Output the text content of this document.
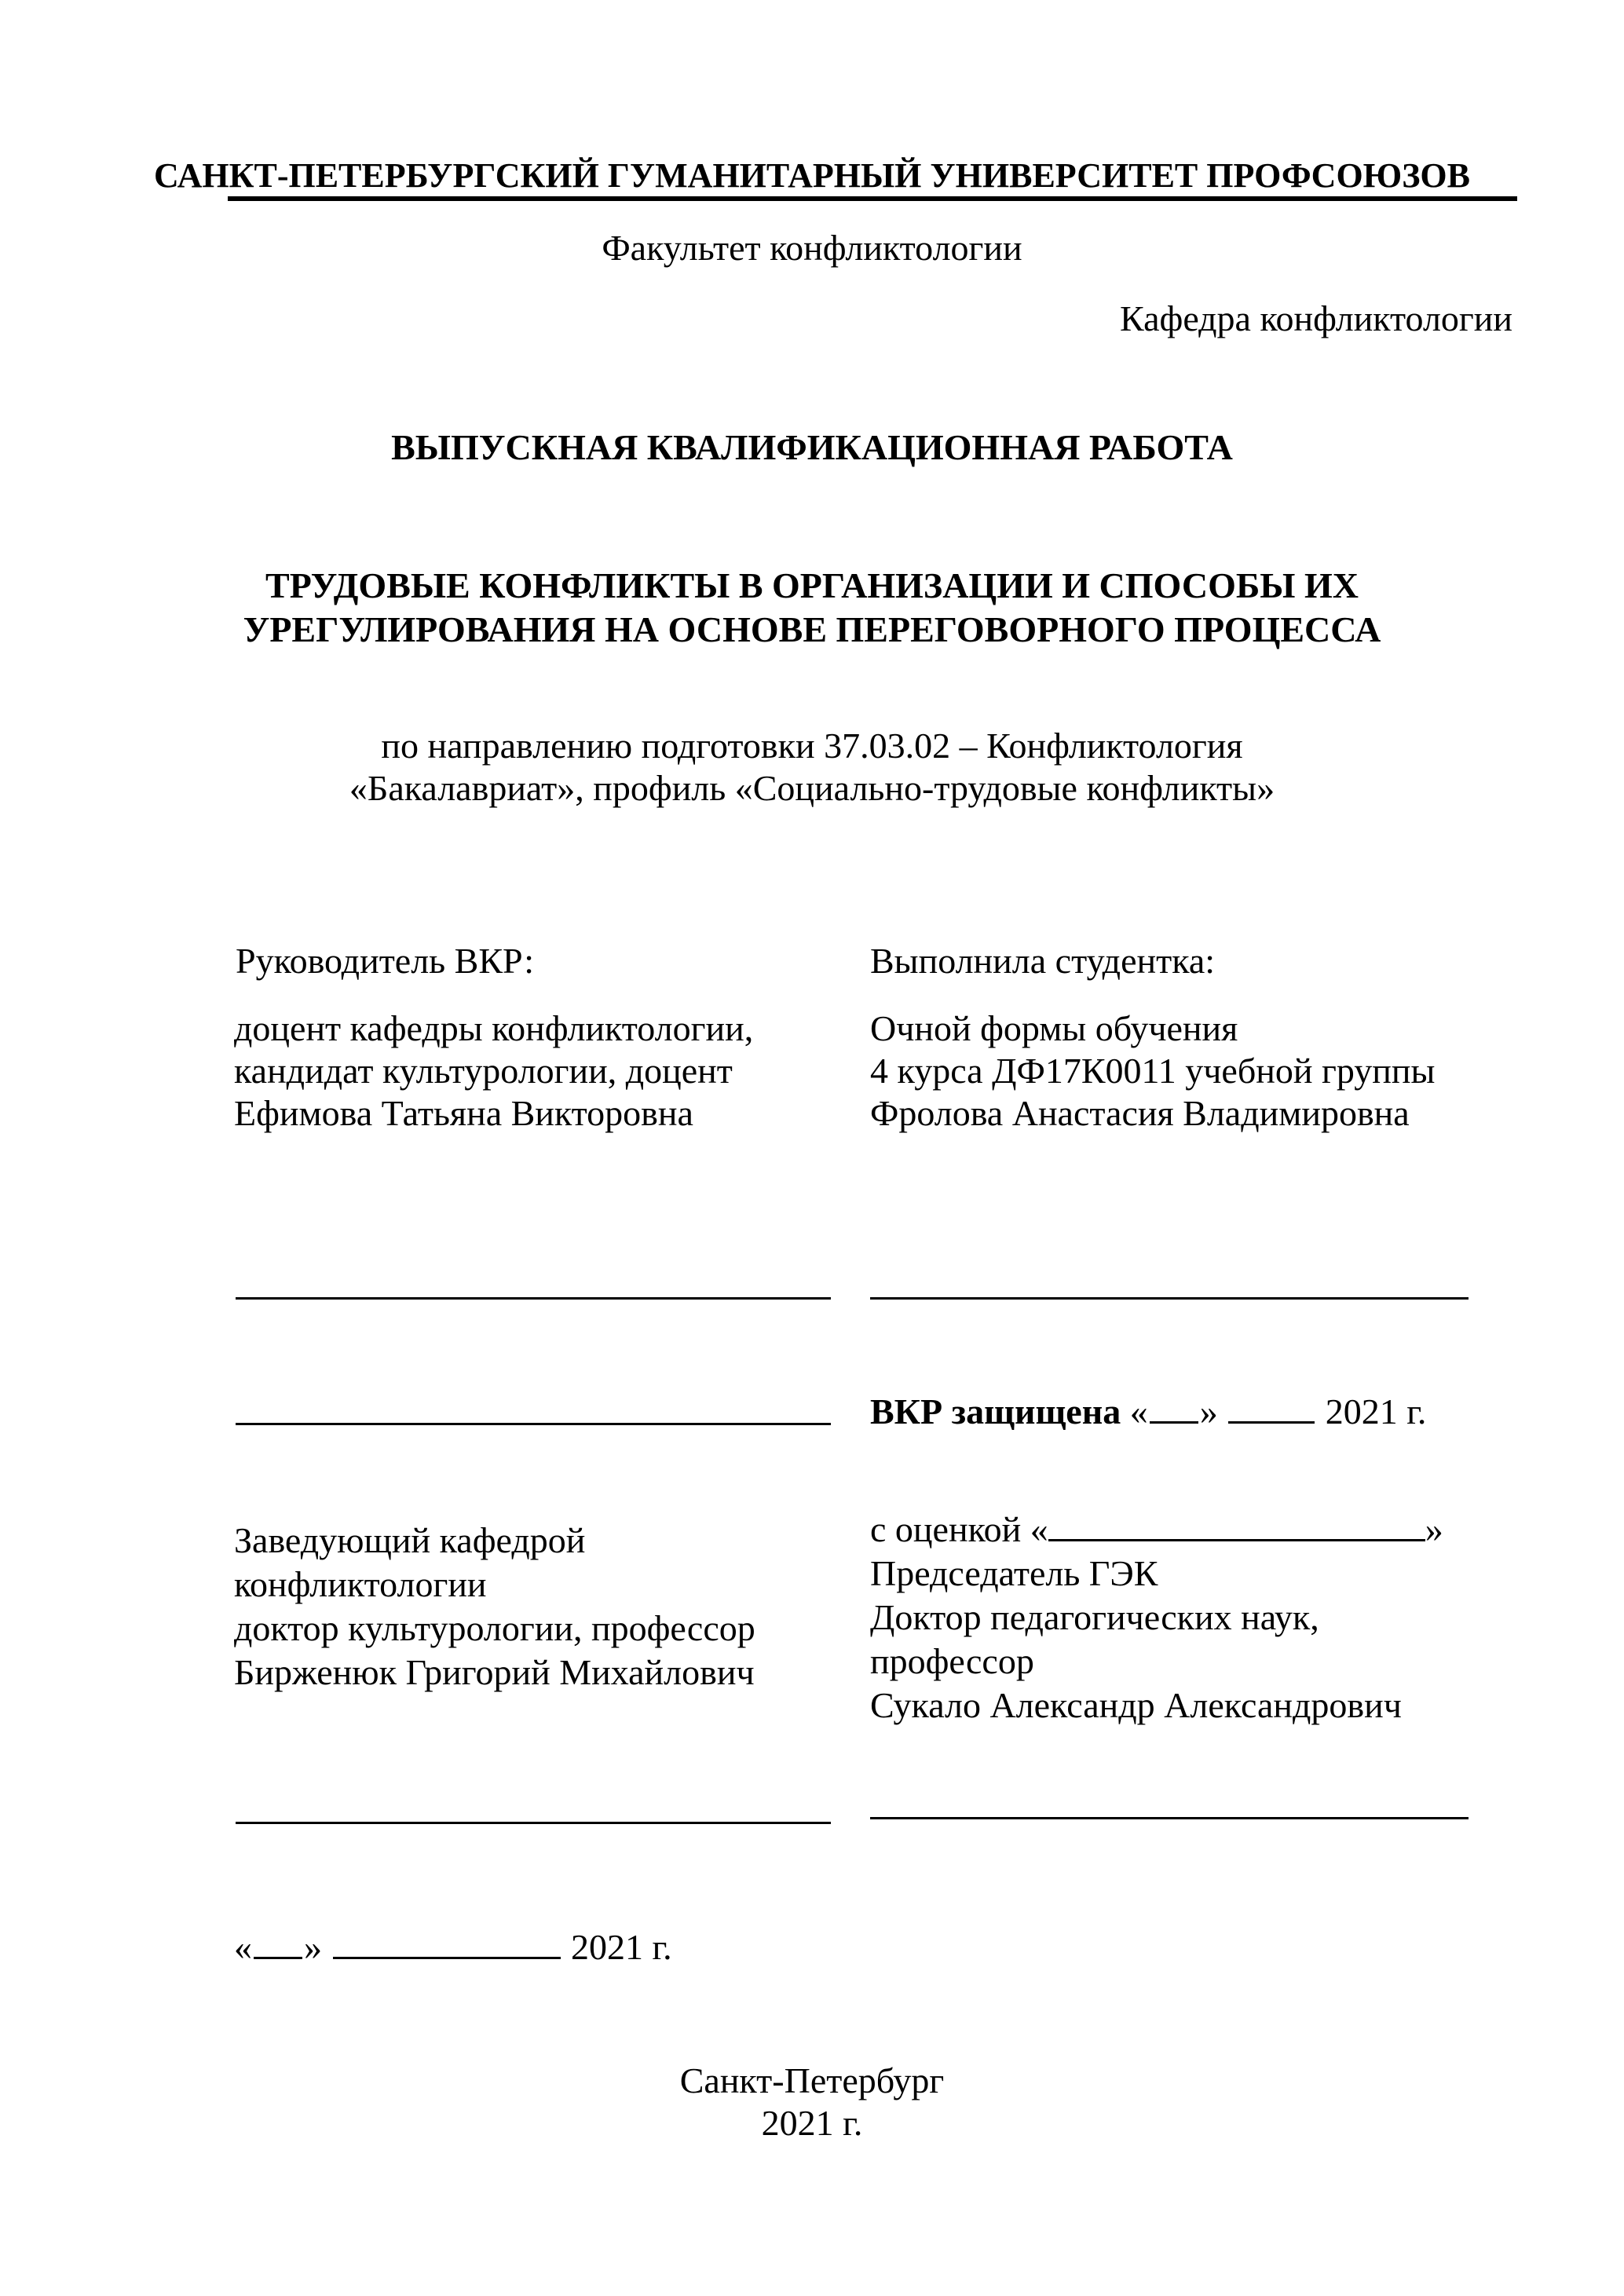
САНКТ-ПЕТЕРБУРГСКИЙ ГУМАНИТАРНЫЙ УНИВЕРСИТЕТ ПРОФСОЮЗОВ
Факультет конфликтологии
Кафедра конфликтологии
ВЫПУСКНАЯ КВАЛИФИКАЦИОННАЯ РАБОТА
ТРУДОВЫЕ КОНФЛИКТЫ В ОРГАНИЗАЦИИ И СПОСОБЫ ИХ
УРЕГУЛИРОВАНИЯ НА ОСНОВЕ ПЕРЕГОВОРНОГО ПРОЦЕССА
по направлению подготовки 37.03.02 – Конфликтология
«Бакалавриат», профиль «Социально-трудовые конфликты»
Руководитель ВКР:
доцент кафедры конфликтологии,
кандидат культурологии, доцент
Ефимова Татьяна Викторовна
Выполнила студентка:
Очной формы обучения
4 курса ДФ17К0011 учебной группы
Фролова Анастасия Владимировна
ВКР защищена « »	2021 г.
Заведующий кафедрой
конфликтологии
доктор культурологии, профессор
Бирженюк Григорий Михайлович
с оценкой «	»
Председатель ГЭК
Доктор педагогических наук,
профессор
Сукало Александр Александрович
« »	2021 г.
Санкт-Петербург
2021 г.
